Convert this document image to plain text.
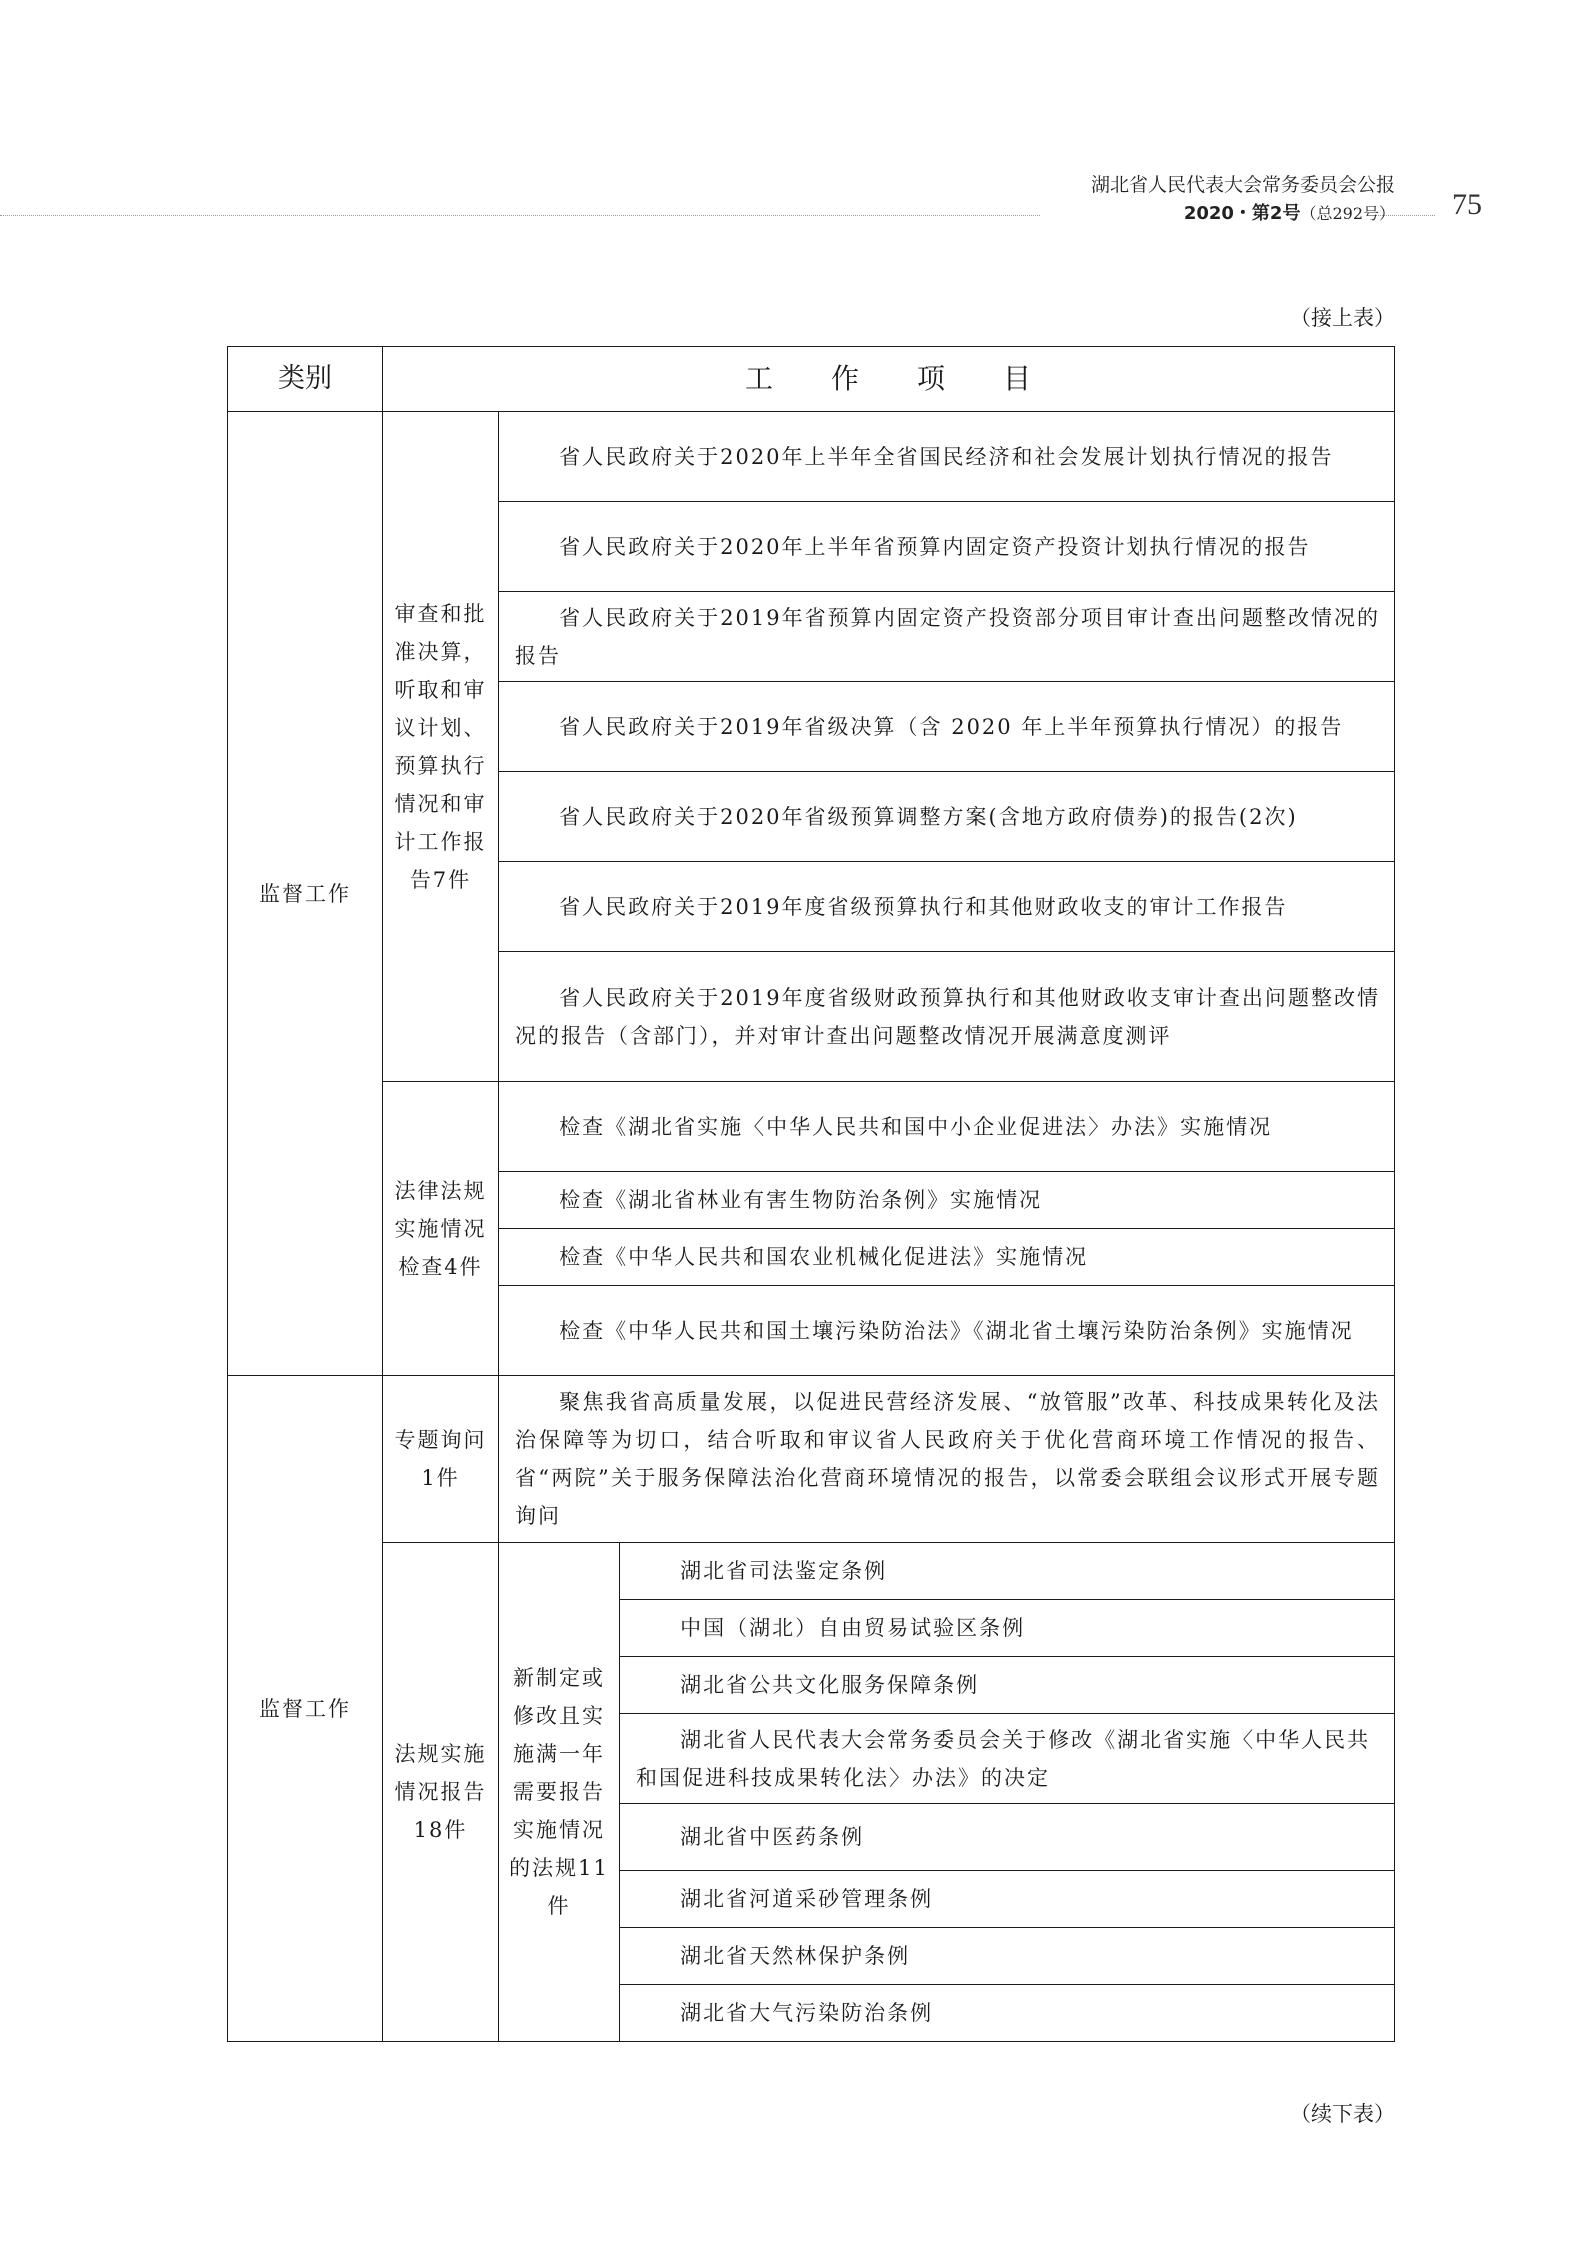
湖北省人民代表大会常务委员会公报
2020・第2号（总292号） 75
（接上表）
类别	工作项目		
监督工作	审查和批准决算，听取和审议计划、预算执行情况和审计工作报告7件	省人民政府关于2020年上半年全省国民经济和社会发展计划执行情况的报告	

		省人民政府关于2020年上半年省预算内固定资产投资计划执行情况的报告	

		省人民政府关于2019年省预算内固定资产投资部分项目审计查出问题整改情况的报告	

		省人民政府关于2019年省级决算（含 2020 年上半年预算执行情况）的报告	

		省人民政府关于2020年省级预算调整方案(含地方政府债券)的报告(2次)	

		省人民政府关于2019年度省级预算执行和其他财政收支的审计工作报告	

		省人民政府关于2019年度省级财政预算执行和其他财政收支审计查出问题整改情况的报告（含部门），并对审计查出问题整改情况开展满意度测评	

	法律法规实施情况检查4件	检查《湖北省实施〈中华人民共和国中小企业促进法〉办法》实施情况	

		检查《湖北省林业有害生物防治条例》实施情况	

		检查《中华人民共和国农业机械化促进法》实施情况	

		检查《中华人民共和国土壤污染防治法》《湖北省土壤污染防治条例》实施情况	

监督工作	专题询问1件	聚焦我省高质量发展，以促进民营经济发展、“放管服”改革、科技成果转化及法治保障等为切口，结合听取和审议省人民政府关于优化营商环境工作情况的报告、省“两院”关于服务保障法治化营商环境情况的报告，以常委会联组会议形式开展专题询问	

	法规实施情况报告18件	新制定或修改且实施满一年需要报告实施情况的法规11件	湖北省司法鉴定条例

			中国（湖北）自由贸易试验区条例

			湖北省公共文化服务保障条例

			湖北省人民代表大会常务委员会关于修改《湖北省实施〈中华人民共和国促进科技成果转化法〉办法》的决定

			湖北省中医药条例

			湖北省河道采砂管理条例

			湖北省天然林保护条例

			湖北省大气污染防治条例
（续下表）
